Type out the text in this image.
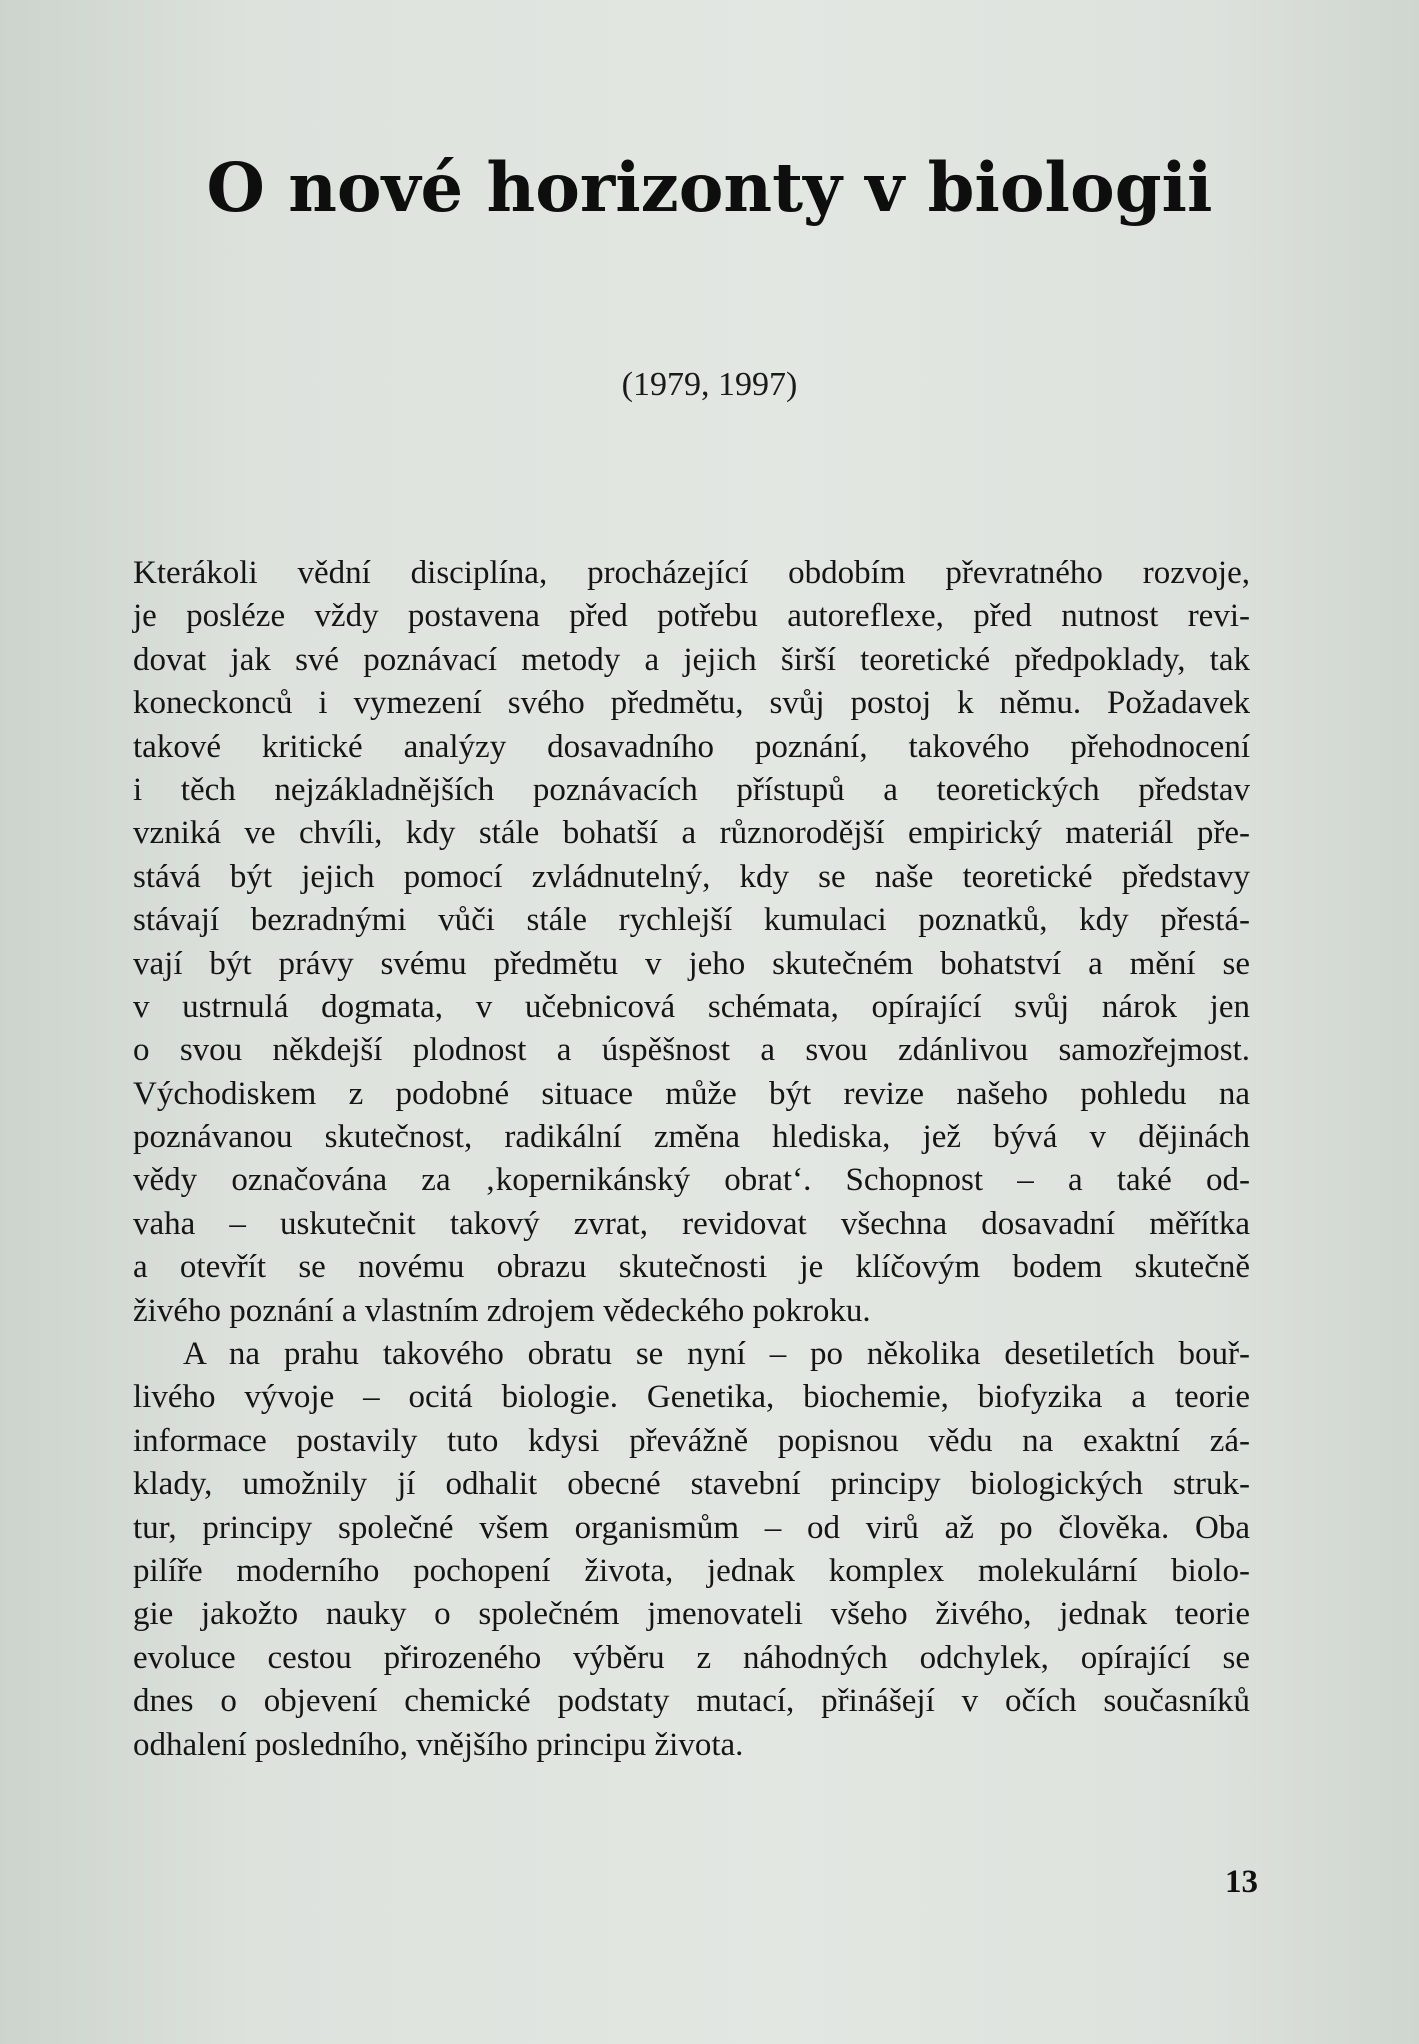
O nové horizonty v biologii
(1979, 1997)
Kterákoli vědní disciplína, procházející obdobím převratného rozvoje,
je posléze vždy postavena před potřebu autoreflexe, před nutnost revi-
dovat jak své poznávací metody a jejich širší teoretické předpoklady, tak
koneckonců i vymezení svého předmětu, svůj postoj k němu. Požadavek
takové kritické analýzy dosavadního poznání, takového přehodnocení
i těch nejzákladnějších poznávacích přístupů a teoretických představ
vzniká ve chvíli, kdy stále bohatší a různorodější empirický materiál pře-
stává být jejich pomocí zvládnutelný, kdy se naše teoretické představy
stávají bezradnými vůči stále rychlejší kumulaci poznatků, kdy přestá-
vají být právy svému předmětu v jeho skutečném bohatství a mění se
v ustrnulá dogmata, v učebnicová schémata, opírající svůj nárok jen
o svou někdejší plodnost a úspěšnost a svou zdánlivou samozřejmost.
Východiskem z podobné situace může být revize našeho pohledu na
poznávanou skutečnost, radikální změna hlediska, jež bývá v dějinách
vědy označována za ‚kopernikánský obrat‘. Schopnost – a také od-
vaha – uskutečnit takový zvrat, revidovat všechna dosavadní měřítka
a otevřít se novému obrazu skutečnosti je klíčovým bodem skutečně
živého poznání a vlastním zdrojem vědeckého pokroku.
A na prahu takového obratu se nyní – po několika desetiletích bouř-
livého vývoje – ocitá biologie. Genetika, biochemie, biofyzika a teorie
informace postavily tuto kdysi převážně popisnou vědu na exaktní zá-
klady, umožnily jí odhalit obecné stavební principy biologických struk-
tur, principy společné všem organismům – od virů až po člověka. Oba
pilíře moderního pochopení života, jednak komplex molekulární biolo-
gie jakožto nauky o společném jmenovateli všeho živého, jednak teorie
evoluce cestou přirozeného výběru z náhodných odchylek, opírající se
dnes o objevení chemické podstaty mutací, přinášejí v očích současníků
odhalení posledního, vnějšího principu života.
13
